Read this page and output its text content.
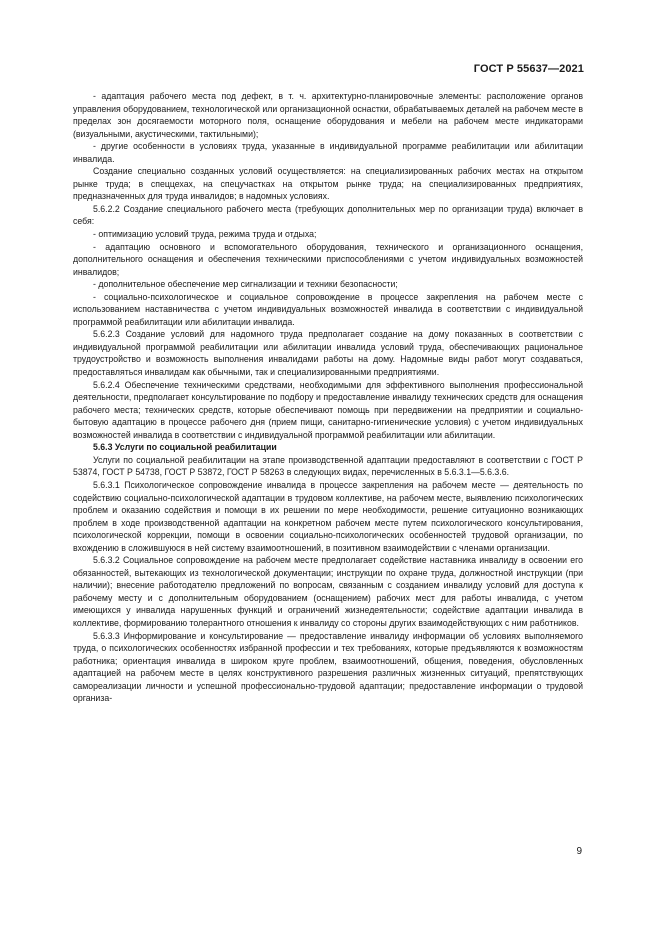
ГОСТ Р 55637—2021

- адаптация рабочего места под дефект, в т. ч. архитектурно-планировочные элементы: расположение органов управления оборудованием, технологической или организационной оснастки, обрабатываемых деталей на рабочем месте в пределах зон досягаемости моторного поля, оснащение оборудования и мебели на рабочем месте индикаторами (визуальными, акустическими, тактильными);

- другие особенности в условиях труда, указанные в индивидуальной программе реабилитации или абилитации инвалида.

Создание специально созданных условий осуществляется: на специализированных рабочих местах на открытом рынке труда; в спеццехах, на спецучастках на открытом рынке труда; на специализированных предприятиях, предназначенных для труда инвалидов; в надомных условиях.

5.6.2.2 Создание специального рабочего места (требующих дополнительных мер по организации труда) включает в себя:

- оптимизацию условий труда, режима труда и отдыха;

- адаптацию основного и вспомогательного оборудования, технического и организационного оснащения, дополнительного оснащения и обеспечения техническими приспособлениями с учетом индивидуальных возможностей инвалидов;

- дополнительное обеспечение мер сигнализации и техники безопасности;

- социально-психологическое и социальное сопровождение в процессе закрепления на рабочем месте с использованием наставничества с учетом индивидуальных возможностей инвалида в соответствии с индивидуальной программой реабилитации или абилитации инвалида.

5.6.2.3 Создание условий для надомного труда предполагает создание на дому показанных в соответствии с индивидуальной программой реабилитации или абилитации инвалида условий труда, обеспечивающих рациональное трудоустройство и возможность выполнения инвалидами работы на дому. Надомные виды работ могут создаваться, предоставляться инвалидам как обычными, так и специализированными предприятиями.

5.6.2.4 Обеспечение техническими средствами, необходимыми для эффективного выполнения профессиональной деятельности, предполагает консультирование по подбору и предоставление инвалиду технических средств для оснащения рабочего места; технических средств, которые обеспечивают помощь при передвижении на предприятии и социально-бытовую адаптацию в процессе рабочего дня (прием пищи, санитарно-гигиенические условия) с учетом индивидуальных возможностей инвалида в соответствии с индивидуальной программой реабилитации или абилитации.

5.6.3 Услуги по социальной реабилитации

Услуги по социальной реабилитации на этапе производственной адаптации предоставляют в соответствии с ГОСТ Р 53874, ГОСТ Р 54738, ГОСТ Р 53872, ГОСТ Р 58263 в следующих видах, перечисленных в 5.6.3.1—5.6.3.6.

5.6.3.1 Психологическое сопровождение инвалида в процессе закрепления на рабочем месте — деятельность по содействию социально-психологической адаптации в трудовом коллективе, на рабочем месте, выявлению психологических проблем и оказанию содействия и помощи в их решении по мере необходимости, решение ситуационно возникающих проблем в ходе производственной адаптации на конкретном рабочем месте путем психологического консультирования, психологической коррекции, помощи в освоении социально-психологических особенностей трудовой организации, по вхождению в сложившуюся в ней систему взаимоотношений, в позитивном взаимодействии с членами организации.

5.6.3.2 Социальное сопровождение на рабочем месте предполагает содействие наставника инвалиду в освоении его обязанностей, вытекающих из технологической документации; инструкции по охране труда, должностной инструкции (при наличии); внесение работодателю предложений по вопросам, связанным с созданием инвалиду условий для доступа к рабочему месту и с дополнительным оборудованием (оснащением) рабочих мест для работы инвалида, с учетом имеющихся у инвалида нарушенных функций и ограничений жизнедеятельности; содействие адаптации инвалида в коллективе, формированию толерантного отношения к инвалиду со стороны других взаимодействующих с ним работников.

5.6.3.3 Информирование и консультирование — предоставление инвалиду информации об условиях выполняемого труда, о психологических особенностях избранной профессии и тех требованиях, которые предъявляются к возможностям работника; ориентация инвалида в широком круге проблем, взаимоотношений, общения, поведения, обусловленных адаптацией на рабочем месте в целях конструктивного разрешения различных жизненных ситуаций, препятствующих самореализации личности и успешной профессионально-трудовой адаптации; предоставление информации о трудовой организа-

9
